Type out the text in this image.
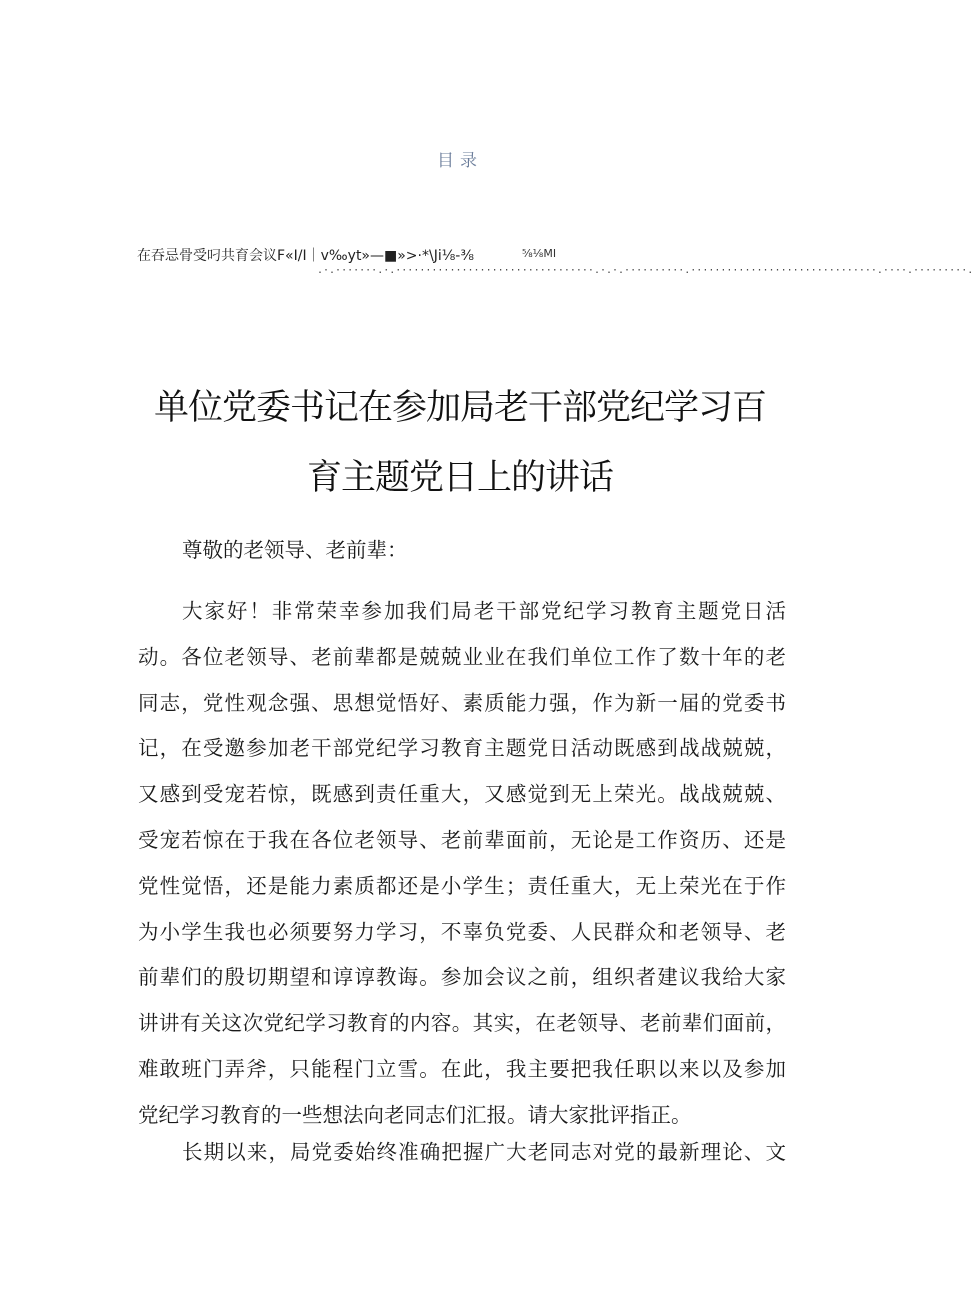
目录
在吞忌骨受叼共育会议F«I/I｜v‰yt»—■»>·*\Ji⅛-⅜	⅝⅛MI
.·.·······.·.·································.·.·.··········.·······························.····.·········.
单位党委书记在参加局老干部党纪学习百
育主题党日上的讲话
尊敬的老领导、老前辈：
大家好！非常荣幸参加我们局老干部党纪学习教育主题党日活
动。各位老领导、老前辈都是兢兢业业在我们单位工作了数十年的老
同志，党性观念强、思想觉悟好、素质能力强，作为新一届的党委书
记，在受邀参加老干部党纪学习教育主题党日活动既感到战战兢兢，
又感到受宠若惊，既感到责任重大，又感觉到无上荣光。战战兢兢、
受宠若惊在于我在各位老领导、老前辈面前，无论是工作资历、还是
党性觉悟，还是能力素质都还是小学生；责任重大，无上荣光在于作
为小学生我也必须要努力学习，不辜负党委、人民群众和老领导、老
前辈们的殷切期望和谆谆教诲。参加会议之前，组织者建议我给大家
讲讲有关这次党纪学习教育的内容。其实，在老领导、老前辈们面前，
难敢班门弄斧，只能程门立雪。在此，我主要把我任职以来以及参加
党纪学习教育的一些想法向老同志们汇报。请大家批评指正。
长期以来，局党委始终准确把握广大老同志对党的最新理论、文
